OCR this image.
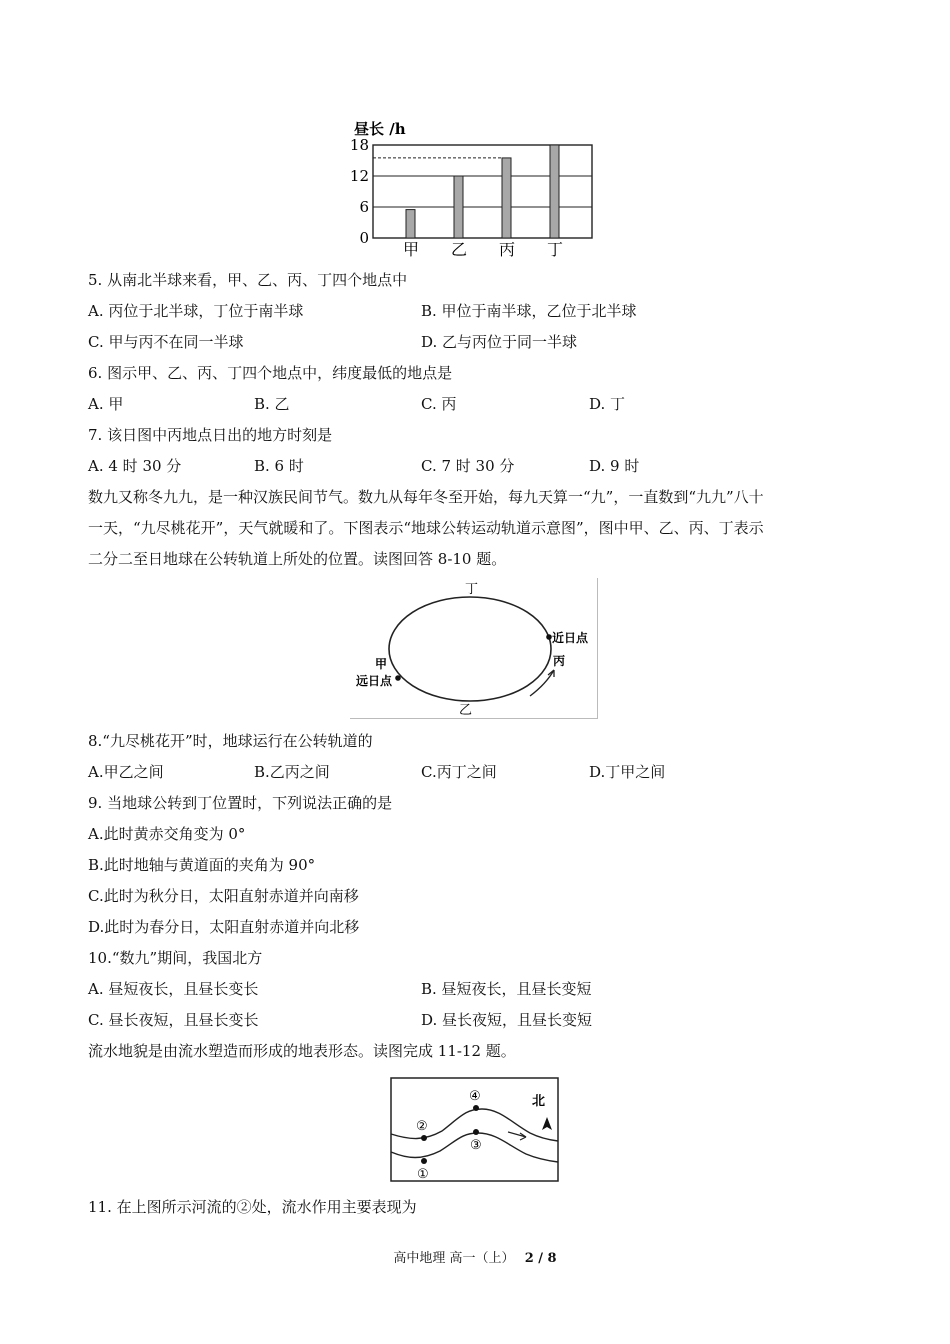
昼长 /h
0
6
12
18
甲 乙 丙 丁
5. 从南北半球来看，甲、乙、丙、丁四个地点中
A. 丙位于北半球，丁位于南半球	B. 甲位于南半球，乙位于北半球
C. 甲与丙不在同一半球	D. 乙与丙位于同一半球
6. 图示甲、乙、丙、丁四个地点中，纬度最低的地点是
A. 甲	B. 乙	C. 丙	D. 丁
7. 该日图中丙地点日出的地方时刻是
A. 4 时 30 分	B. 6 时	C. 7 时 30 分	D. 9 时
数九又称冬九九，是一种汉族民间节气。数九从每年冬至开始，每九天算一“九”，一直数到“九九”八十
一天，“九尽桃花开”，天气就暖和了。下图表示“地球公转运动轨道示意图”，图中甲、乙、丙、丁表示
二分二至日地球在公转轨道上所处的位置。读图回答 8-10 题。
丁
近日点
丙
甲
远日点
乙
8.“九尽桃花开”时，地球运行在公转轨道的
A.甲乙之间	B.乙丙之间	C.丙丁之间	D.丁甲之间
9. 当地球公转到丁位置时，下列说法正确的是
A.此时黄赤交角变为 0°
B.此时地轴与黄道面的夹角为 90°
C.此时为秋分日，太阳直射赤道并向南移
D.此时为春分日，太阳直射赤道并向北移
10.“数九”期间，我国北方
A. 昼短夜长，且昼长变长	B. 昼短夜长，且昼长变短
C. 昼长夜短，且昼长变长	D. 昼长夜短，且昼长变短
流水地貌是由流水塑造而形成的地表形态。读图完成 11-12 题。
①
②
③
④	北
11. 在上图所示河流的②处，流水作用主要表现为
高中地理 高一（上） 2 / 8
